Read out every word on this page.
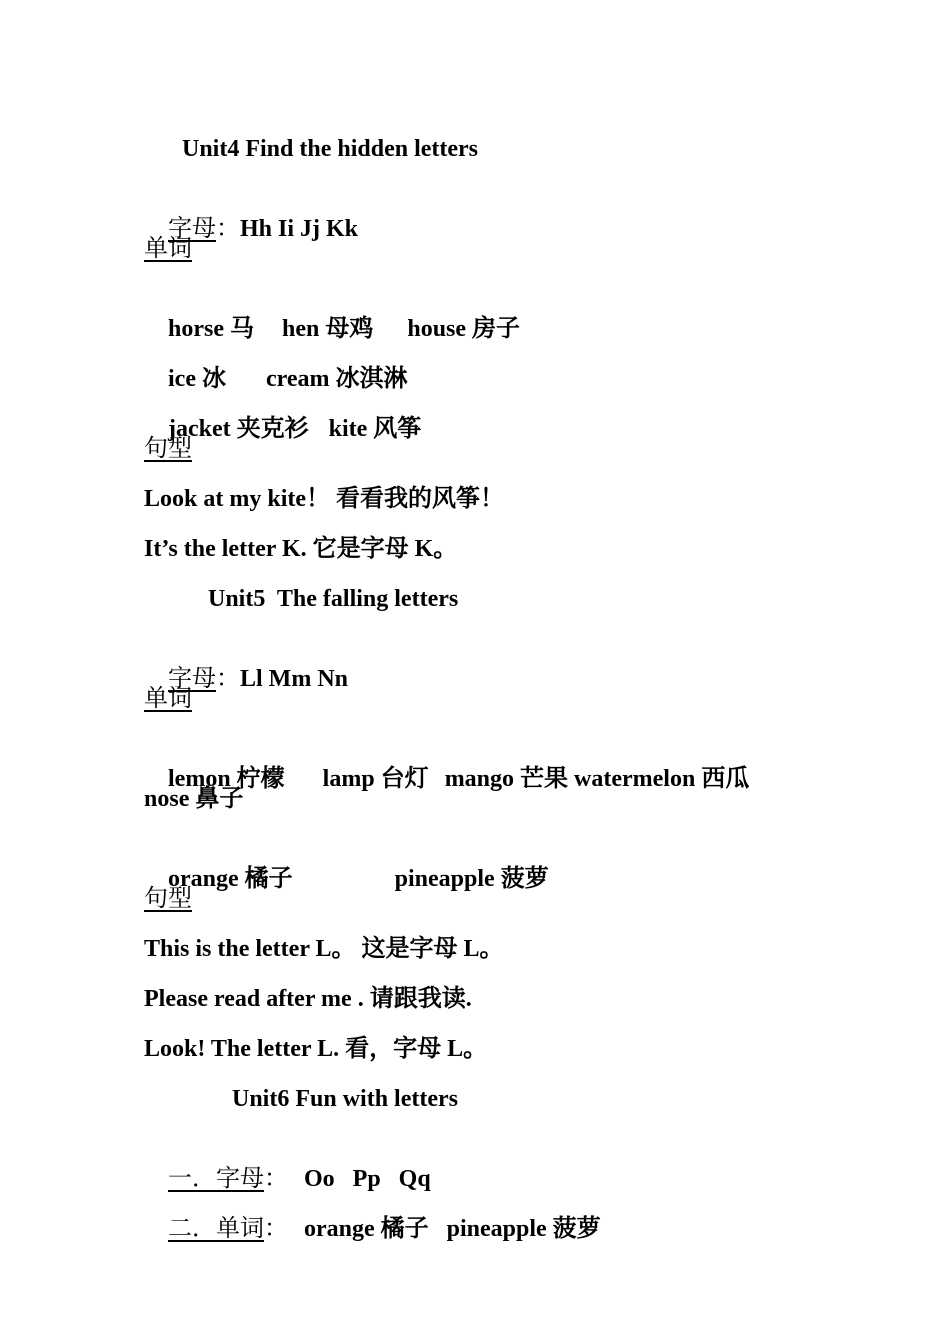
Unit4 Find the hidden letters

字母：Hh Ii Jj Kk

单词

horse 马 hen 母鸡 house 房子

ice 冰 cream 冰淇淋

jacket 夹克衫 kite 风筝

句型
Look at my kite！ 看看我的风筝！
It’s the letter K. 它是字母 K。
Unit5  The falling letters

字母：Ll Mm Nn

单词

lemon 柠檬 lamp 台灯 mango 芒果 watermelon 西瓜

nose 鼻子

orange 橘子	pineapple 菠萝

句型
This is the letter L。 这是字母 L。
Please read after me . 请跟我读.
Look! The letter L. 看，字母 L。
Unit6 Fun with letters

一．字母： Oo   Pp   Qq

二．单词： orange 橘子   pineapple 菠萝
